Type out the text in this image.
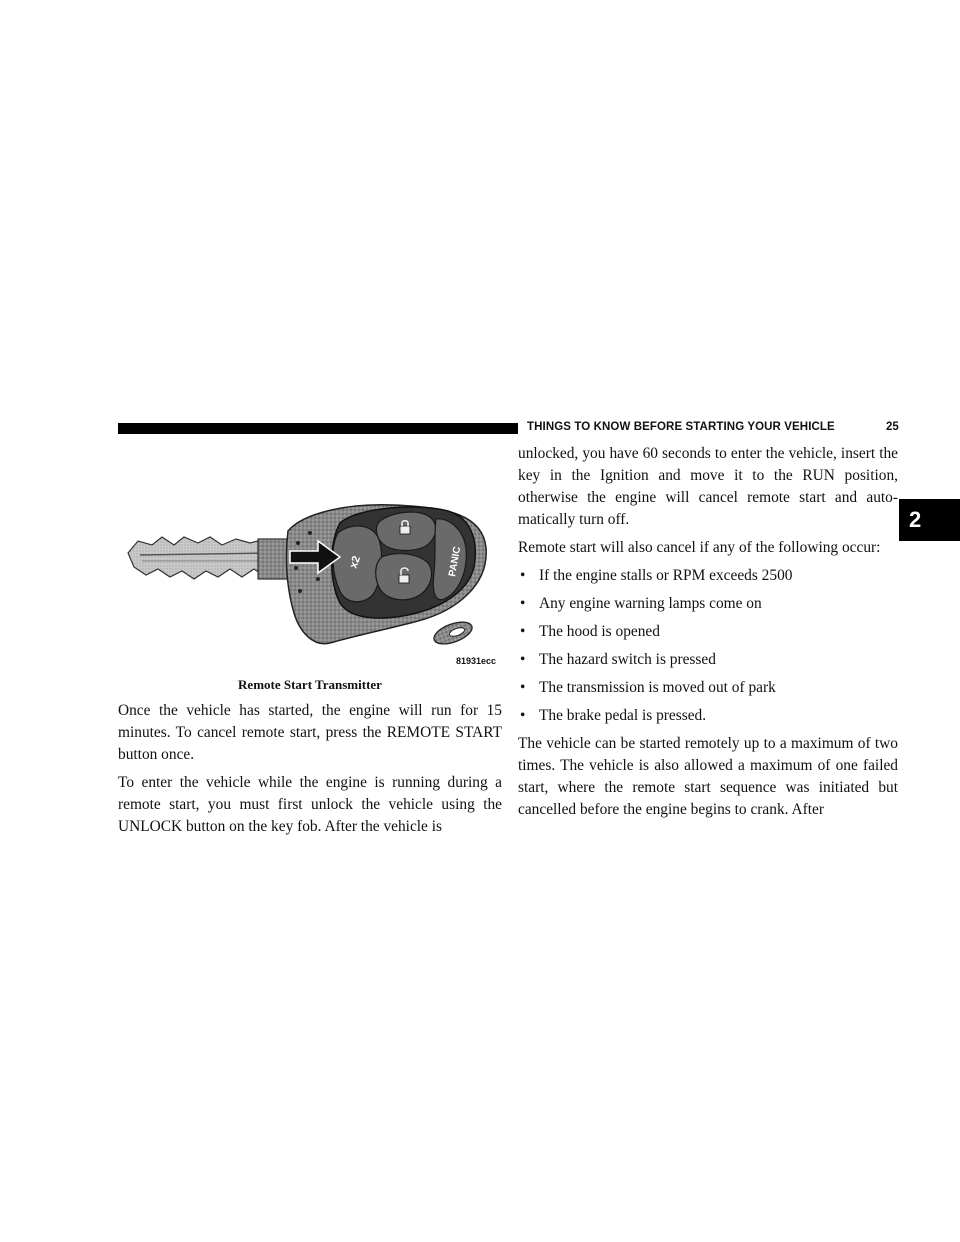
THINGS TO KNOW BEFORE STARTING YOUR VEHICLE	25
2
x2	PANIC
81931ecc
Remote Start Transmitter

Once the vehicle has started, the engine will run for 15 minutes. To cancel remote start, press the REMOTE START button once.

To enter the vehicle while the engine is running during a remote start, you must first unlock the vehicle using the UNLOCK button on the key fob. After the vehicle is

unlocked, you have 60 seconds to enter the vehicle, insert the key in the Ignition and move it to the RUN position, otherwise the engine will cancel remote start and auto-matically turn off.

Remote start will also cancel if any of the following occur:

• If the engine stalls or RPM exceeds 2500
• Any engine warning lamps come on
• The hood is opened
• The hazard switch is pressed
• The transmission is moved out of park
• The brake pedal is pressed.

The vehicle can be started remotely up to a maximum of two times. The vehicle is also allowed a maximum of one failed start, where the remote start sequence was initiated but cancelled before the engine begins to crank. After
